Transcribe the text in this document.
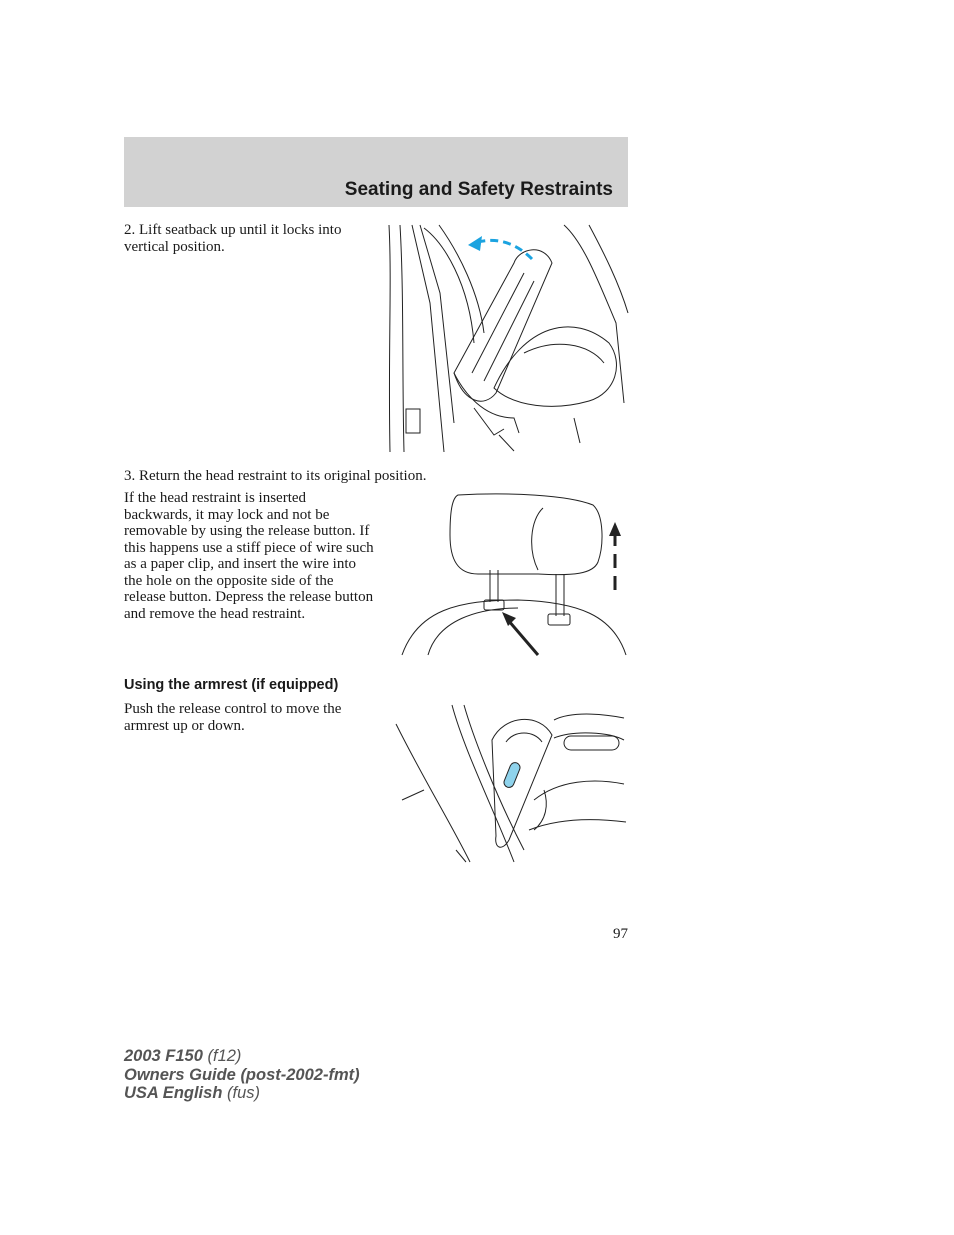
Seating and Safety Restraints

2. Lift seatback up until it locks into vertical position.

3. Return the head restraint to its original position.

If the head restraint is inserted backwards, it may lock and not be removable by using the release button. If this happens use a stiff piece of wire such as a paper clip, and insert the wire into the hole on the opposite side of the release button. Depress the release button and remove the head restraint.

Using the armrest (if equipped)

Push the release control to move the armrest up or down.

97
2003 F150 (f12)
Owners Guide (post-2002-fmt)
USA English (fus)
